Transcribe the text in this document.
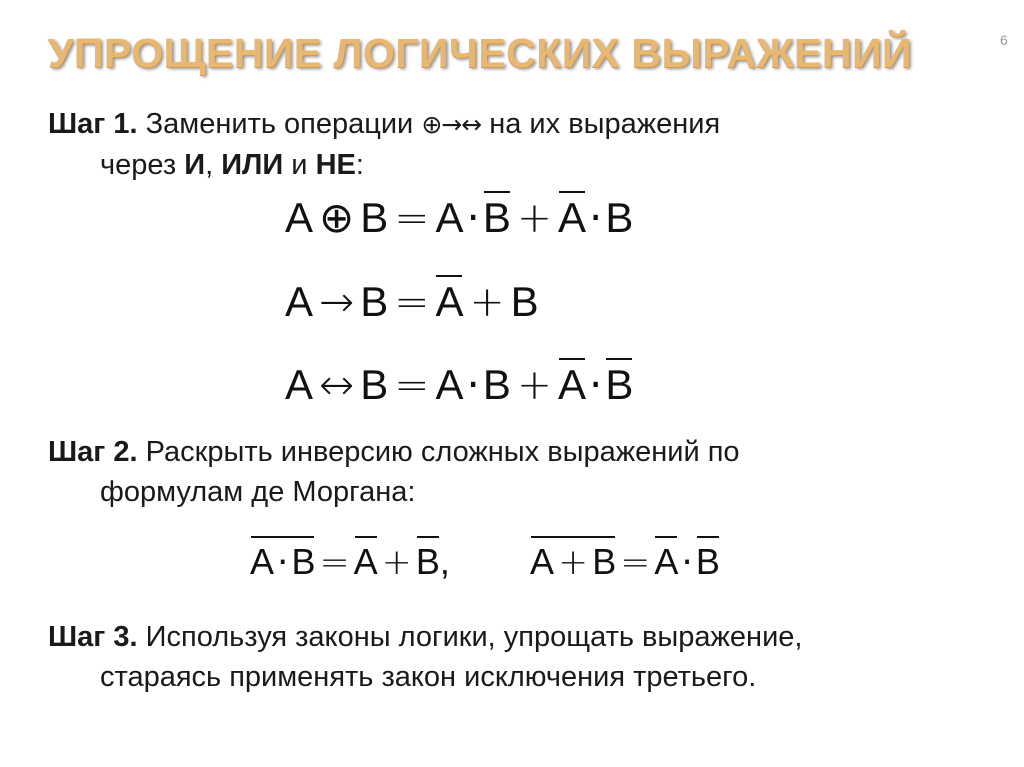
6
УПРОЩЕНИЕ ЛОГИЧЕСКИХ ВЫРАЖЕНИЙ
Шаг 1. Заменить операции ⊕→↔ на их выражения
через И, ИЛИ и НЕ:
A ⊕ B = A·B + A·B
A → B = A + B
A ↔ B = A·B + A·B
Шаг 2. Раскрыть инверсию сложных выражений по
формулам де Моргана:
A·B = A + B, A + B = A·B
Шаг 3. Используя законы логики, упрощать выражение,
стараясь применять закон исключения третьего.
